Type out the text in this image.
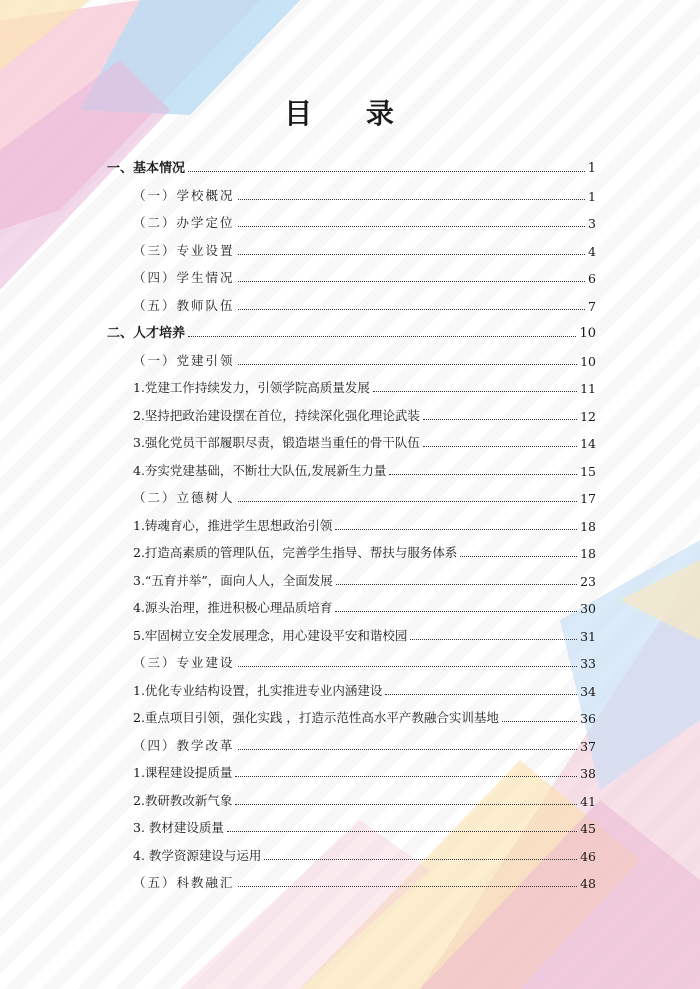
目 录
一、基本情况	1
（一）学校概况	1
（二）办学定位	3
（三）专业设置	4
（四）学生情况	6
（五）教师队伍	7
二、人才培养	10
（一）党建引领	10
1.党建工作持续发力，引领学院高质量发展	11
2.坚持把政治建设摆在首位，持续深化强化理论武装	12
3.强化党员干部履职尽责，锻造堪当重任的骨干队伍	14
4.夯实党建基础，不断壮大队伍,发展新生力量	15
（二）立德树人	17
1.铸魂育心，推进学生思想政治引领	18
2.打造高素质的管理队伍，完善学生指导、帮扶与服务体系	18
3.“五育并举”，面向人人，全面发展	23
4.源头治理，推进积极心理品质培育	30
5.牢固树立安全发展理念，用心建设平安和谐校园	31
（三）专业建设	33
1.优化专业结构设置，扎实推进专业内涵建设	34
2.重点项目引领，强化实践 ，打造示范性高水平产教融合实训基地	36
（四）教学改革	37
1.课程建设提质量	38
2.教研教改新气象	41
3. 教材建设质量	45
4. 教学资源建设与运用	46
（五）科教融汇	48
